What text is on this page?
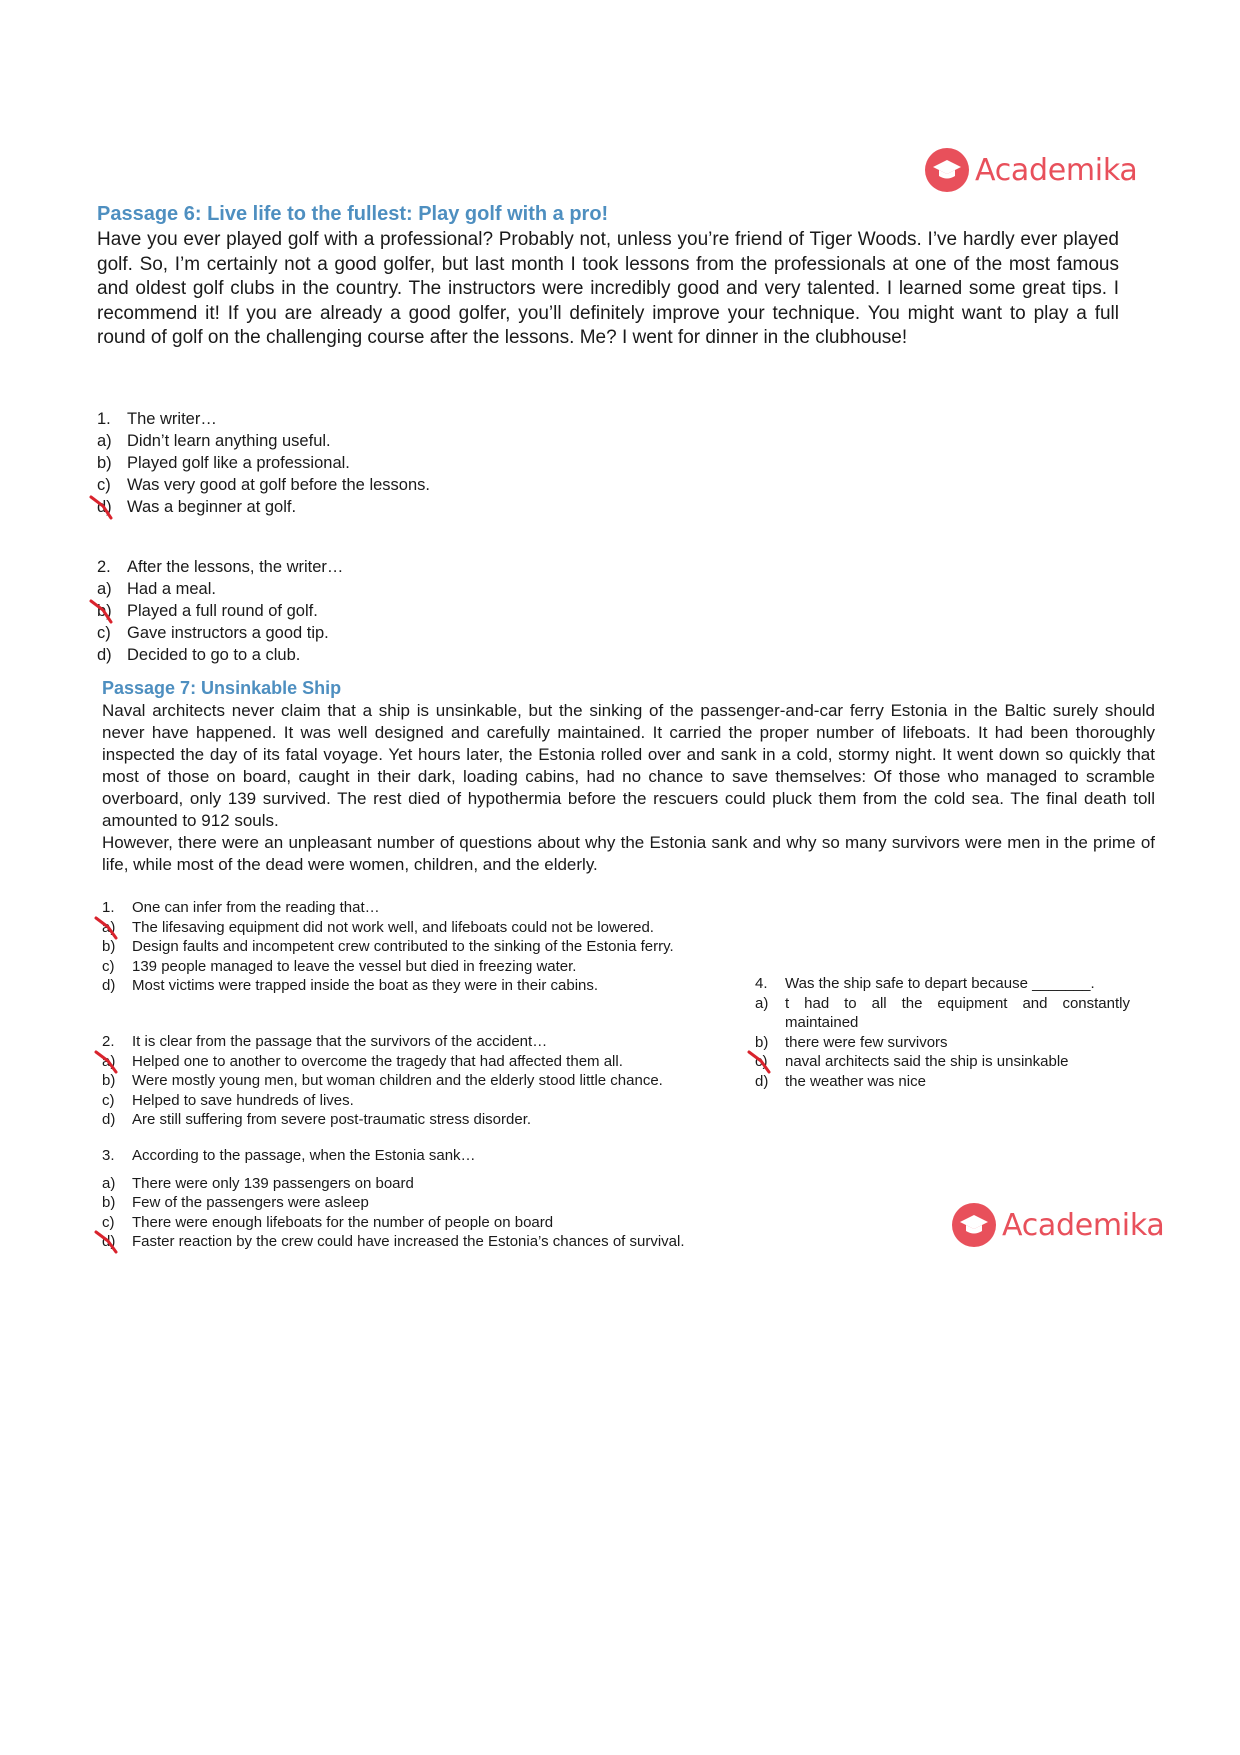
Academika
Passage 6: Live life to the fullest: Play golf with a pro!
Have you ever played golf with a professional? Probably not, unless you’re friend of Tiger Woods. I’ve hardly ever played golf. So, I’m certainly not a good golfer, but last month I took lessons from the professionals at one of the most famous and oldest golf clubs in the country. The instructors were incredibly good and very talented. I learned some great tips. I recommend it! If you are already a good golfer, you’ll definitely improve your technique. You might want to play a full round of golf on the challenging course after the lessons. Me? I went for dinner in the clubhouse!
1. The writer…
a) Didn’t learn anything useful.
b) Played golf like a professional.
c) Was very good at golf before the lessons.
d) Was a beginner at golf.
2. After the lessons, the writer…
a) Had a meal.
b) Played a full round of golf.
c) Gave instructors a good tip.
d) Decided to go to a club.
Passage 7: Unsinkable Ship
Naval architects never claim that a ship is unsinkable, but the sinking of the passenger-and-car ferry Estonia in the Baltic surely should never have happened. It was well designed and carefully maintained. It carried the proper number of lifeboats. It had been thoroughly inspected the day of its fatal voyage. Yet hours later, the Estonia rolled over and sank in a cold, stormy night. It went down so quickly that most of those on board, caught in their dark, loading cabins, had no chance to save themselves: Of those who managed to scramble overboard, only 139 survived. The rest died of hypothermia before the rescuers could pluck them from the cold sea. The final death toll amounted to 912 souls.
However, there were an unpleasant number of questions about why the Estonia sank and why so many survivors were men in the prime of life, while most of the dead were women, children, and the elderly.
1.	One can infer from the reading that…
a)	The lifesaving equipment did not work well, and lifeboats could not be lowered.
b)	Design faults and incompetent crew contributed to the sinking of the Estonia ferry.
c)	139 people managed to leave the vessel but died in freezing water.
d)	Most victims were trapped inside the boat as they were in their cabins.
2.	It is clear from the passage that the survivors of the accident…
a)	Helped one to another to overcome the tragedy that had affected them all.
b)	Were mostly young men, but woman children and the elderly stood little chance.
c)	Helped to save hundreds of lives.
d)	Are still suffering from severe post-traumatic stress disorder.
3.	According to the passage, when the Estonia sank…
a)	There were only 139 passengers on board
b)	Few of the passengers were asleep
c)	There were enough lifeboats for the number of people on board
d)	Faster reaction by the crew could have increased the Estonia’s chances of survival.
4.	Was the ship safe to depart because _______.
a)	t had to all the equipment and constantly maintained
b)	there were few survivors
c)	naval architects said the ship is unsinkable
d)	the weather was nice
Academika
